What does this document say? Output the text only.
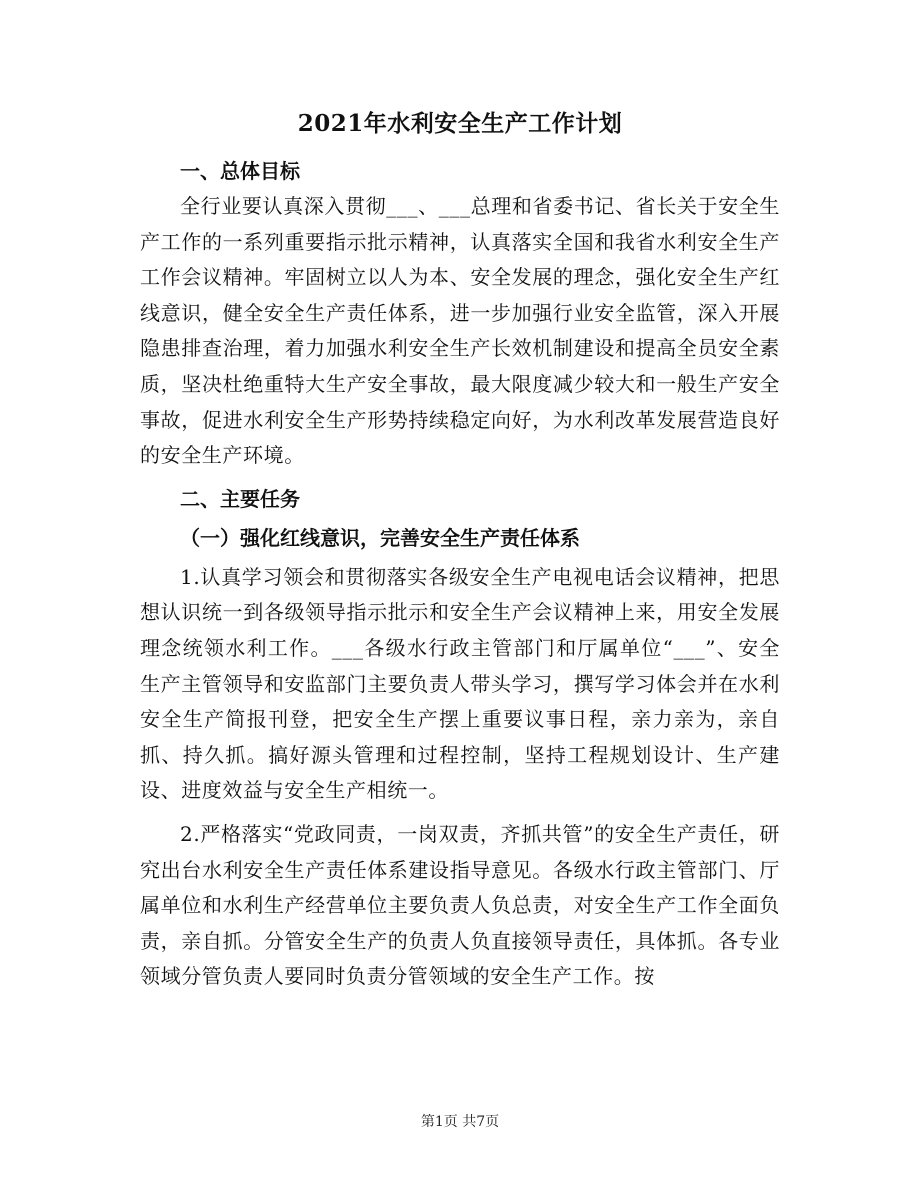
2021年水利安全生产工作计划

一、总体目标

全行业要认真深入贯彻___、___总理和省委书记、省长关于安全生产工作的一系列重要指示批示精神，认真落实全国和我省水利安全生产工作会议精神。牢固树立以人为本、安全发展的理念，强化安全生产红线意识，健全安全生产责任体系，进一步加强行业安全监管，深入开展隐患排查治理，着力加强水利安全生产长效机制建设和提高全员安全素质，坚决杜绝重特大生产安全事故，最大限度减少较大和一般生产安全事故，促进水利安全生产形势持续稳定向好，为水利改革发展营造良好的安全生产环境。

二、主要任务

（一）强化红线意识，完善安全生产责任体系

1.认真学习领会和贯彻落实各级安全生产电视电话会议精神，把思想认识统一到各级领导指示批示和安全生产会议精神上来，用安全发展理念统领水利工作。___各级水行政主管部门和厅属单位“___”、安全生产主管领导和安监部门主要负责人带头学习，撰写学习体会并在水利安全生产简报刊登，把安全生产摆上重要议事日程，亲力亲为，亲自抓、持久抓。搞好源头管理和过程控制，坚持工程规划设计、生产建设、进度效益与安全生产相统一。

2.严格落实“党政同责，一岗双责，齐抓共管”的安全生产责任，研究出台水利安全生产责任体系建设指导意见。各级水行政主管部门、厅属单位和水利生产经营单位主要负责人负总责，对安全生产工作全面负责，亲自抓。分管安全生产的负责人负直接领导责任，具体抓。各专业领域分管负责人要同时负责分管领域的安全生产工作。按

第1页 共7页
